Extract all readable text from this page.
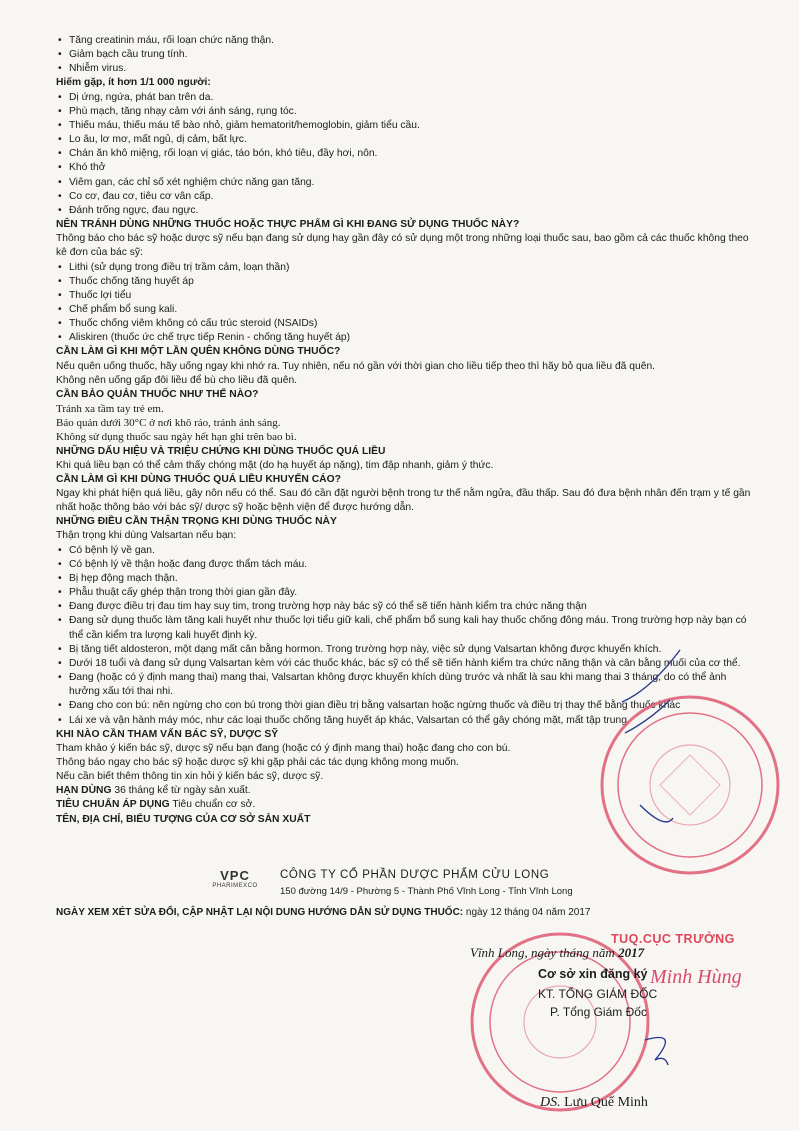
• Tăng creatinin máu, rối loạn chức năng thận.

• Giảm bạch cầu trung tính.

• Nhiễm virus.

Hiếm gặp, ít hơn 1/1 000 người:

• Dị ứng, ngứa, phát ban trên da.

• Phù mạch, tăng nhạy cảm với ánh sáng, rụng tóc.

• Thiếu máu, thiếu máu tế bào nhỏ, giảm hematorit/hemoglobin, giảm tiểu cầu.

• Lo âu, lơ mơ, mất ngủ, dị cảm, bất lực.

• Chán ăn khô miệng, rối loạn vị giác, táo bón, khó tiêu, đầy hơi, nôn.

• Khó thở

• Viêm gan, các chỉ số xét nghiệm chức năng gan tăng.

• Co cơ, đau cơ, tiêu cơ vân cấp.

• Đánh trống ngực, đau ngực.

NÊN TRÁNH DÙNG NHỮNG THUỐC HOẶC THỰC PHẨM GÌ KHI ĐANG SỬ DỤNG THUỐC NÀY?

Thông báo cho bác sỹ hoặc dược sỹ nếu bạn đang sử dụng hay gần đây có sử dụng một trong những loại thuốc sau, bao gồm cả các thuốc không theo kê đơn của bác sỹ:

• Lithi (sử dụng trong điều trị trầm cảm, loạn thần)

• Thuốc chống tăng huyết áp

• Thuốc lợi tiểu

• Chế phẩm bổ sung kali.

• Thuốc chống viêm không có cấu trúc steroid (NSAIDs)

• Aliskiren (thuốc ức chế trực tiếp Renin - chống tăng huyết áp)

CẦN LÀM GÌ KHI MỘT LẦN QUÊN KHÔNG DÙNG THUỐC?

Nếu quên uống thuốc, hãy uống ngay khi nhớ ra. Tuy nhiên, nếu nó gần với thời gian cho liều tiếp theo thì hãy bỏ qua liều đã quên.

Không nên uống gấp đôi liều để bù cho liều đã quên.

CẦN BẢO QUẢN THUỐC NHƯ THẾ NÀO?

Tránh xa tầm tay trẻ em.

Bảo quản dưới 30°C ở nơi khô ráo, tránh ánh sáng.

Không sử dụng thuốc sau ngày hết hạn ghi trên bao bì.

NHỮNG DẤU HIỆU VÀ TRIỆU CHỨNG KHI DÙNG THUỐC QUÁ LIỀU

Khi quá liều bạn có thể cảm thấy chóng mặt (do hạ huyết áp nặng), tim đập nhanh, giảm ý thức.

CẦN LÀM GÌ KHI DÙNG THUỐC QUÁ LIỀU KHUYẾN CÁO?

Ngay khi phát hiện quá liều, gây nôn nếu có thể. Sau đó cần đặt người bệnh trong tư thế nằm ngửa, đầu thấp. Sau đó đưa bệnh nhân đến trạm y tế gần nhất hoặc thông báo với bác sỹ/ dược sỹ hoặc bệnh viện để được hướng dẫn.

NHỮNG ĐIỀU CẦN THẬN TRỌNG KHI DÙNG THUỐC NÀY

Thận trọng khi dùng Valsartan nếu bạn:

• Có bệnh lý về gan.

• Có bệnh lý về thận hoặc đang được thẩm tách máu.

• Bị hẹp động mạch thận.

• Phẫu thuật cấy ghép thận trong thời gian gần đây.

• Đang được điều trị đau tim hay suy tim, trong trường hợp này bác sỹ có thể sẽ tiến hành kiểm tra chức năng thận

• Đang sử dụng thuốc làm tăng kali huyết như thuốc lợi tiểu giữ kali, chế phẩm bổ sung kali hay thuốc chống đông máu. Trong trường hợp này bạn có thể cần kiểm tra lượng kali huyết định kỳ.

• Bị tăng tiết aldosteron, một dạng mất cân bằng hormon. Trong trường hợp này, việc sử dụng Valsartan không được khuyến khích.

• Dưới 18 tuổi và đang sử dụng Valsartan kèm với các thuốc khác, bác sỹ có thể sẽ tiến hành kiểm tra chức năng thận và cân bằng muối của cơ thể.

• Đang (hoặc có ý định mang thai) mang thai, Valsartan không được khuyến khích dùng trước và nhất là sau khi mang thai 3 tháng, do có thể ảnh hưởng xấu tới thai nhi.

• Đang cho con bú: nên ngừng cho con bú trong thời gian điều trị bằng valsartan hoặc ngừng thuốc và điều trị thay thế bằng thuốc khác

• Lái xe và vận hành máy móc, như các loại thuốc chống tăng huyết áp khác, Valsartan có thể gây chóng mặt, mất tập trung

KHI NÀO CẦN THAM VẤN BÁC SỸ, DƯỢC SỸ

Tham khảo ý kiến bác sỹ, dược sỹ nếu bạn đang (hoặc có ý định mang thai) hoặc đang cho con bú.

Thông báo ngay cho bác sỹ hoặc dược sỹ khi gặp phải các tác dụng không mong muốn.

Nếu cần biết thêm thông tin xin hỏi ý kiến bác sỹ, dược sỹ.

HẠN DÙNG 36 tháng kể từ ngày sản xuất.

TIÊU CHUẨN ÁP DỤNG Tiêu chuẩn cơ sở.

TÊN, ĐỊA CHỈ, BIỂU TƯỢNG CỦA CƠ SỞ SẢN XUẤT

VPC
PHARIMEXCO
CÔNG TY CỔ PHẦN DƯỢC PHẨM CỬU LONG
150 đường 14/9 - Phường 5 - Thành Phố Vĩnh Long - Tỉnh Vĩnh Long
NGÀY XEM XÉT SỬA ĐỔI, CẬP NHẬT LẠI NỘI DUNG HƯỚNG DẪN SỬ DỤNG THUỐC: ngày 12 tháng 04 năm 2017
TUQ.CỤC TRƯỞNG
Minh Hùng
Vĩnh Long, ngày tháng năm 2017
Cơ sở xin đăng ký
KT. TỔNG GIÁM ĐỐC
P. Tổng Giám Đốc
DS. Lưu Quế Minh
